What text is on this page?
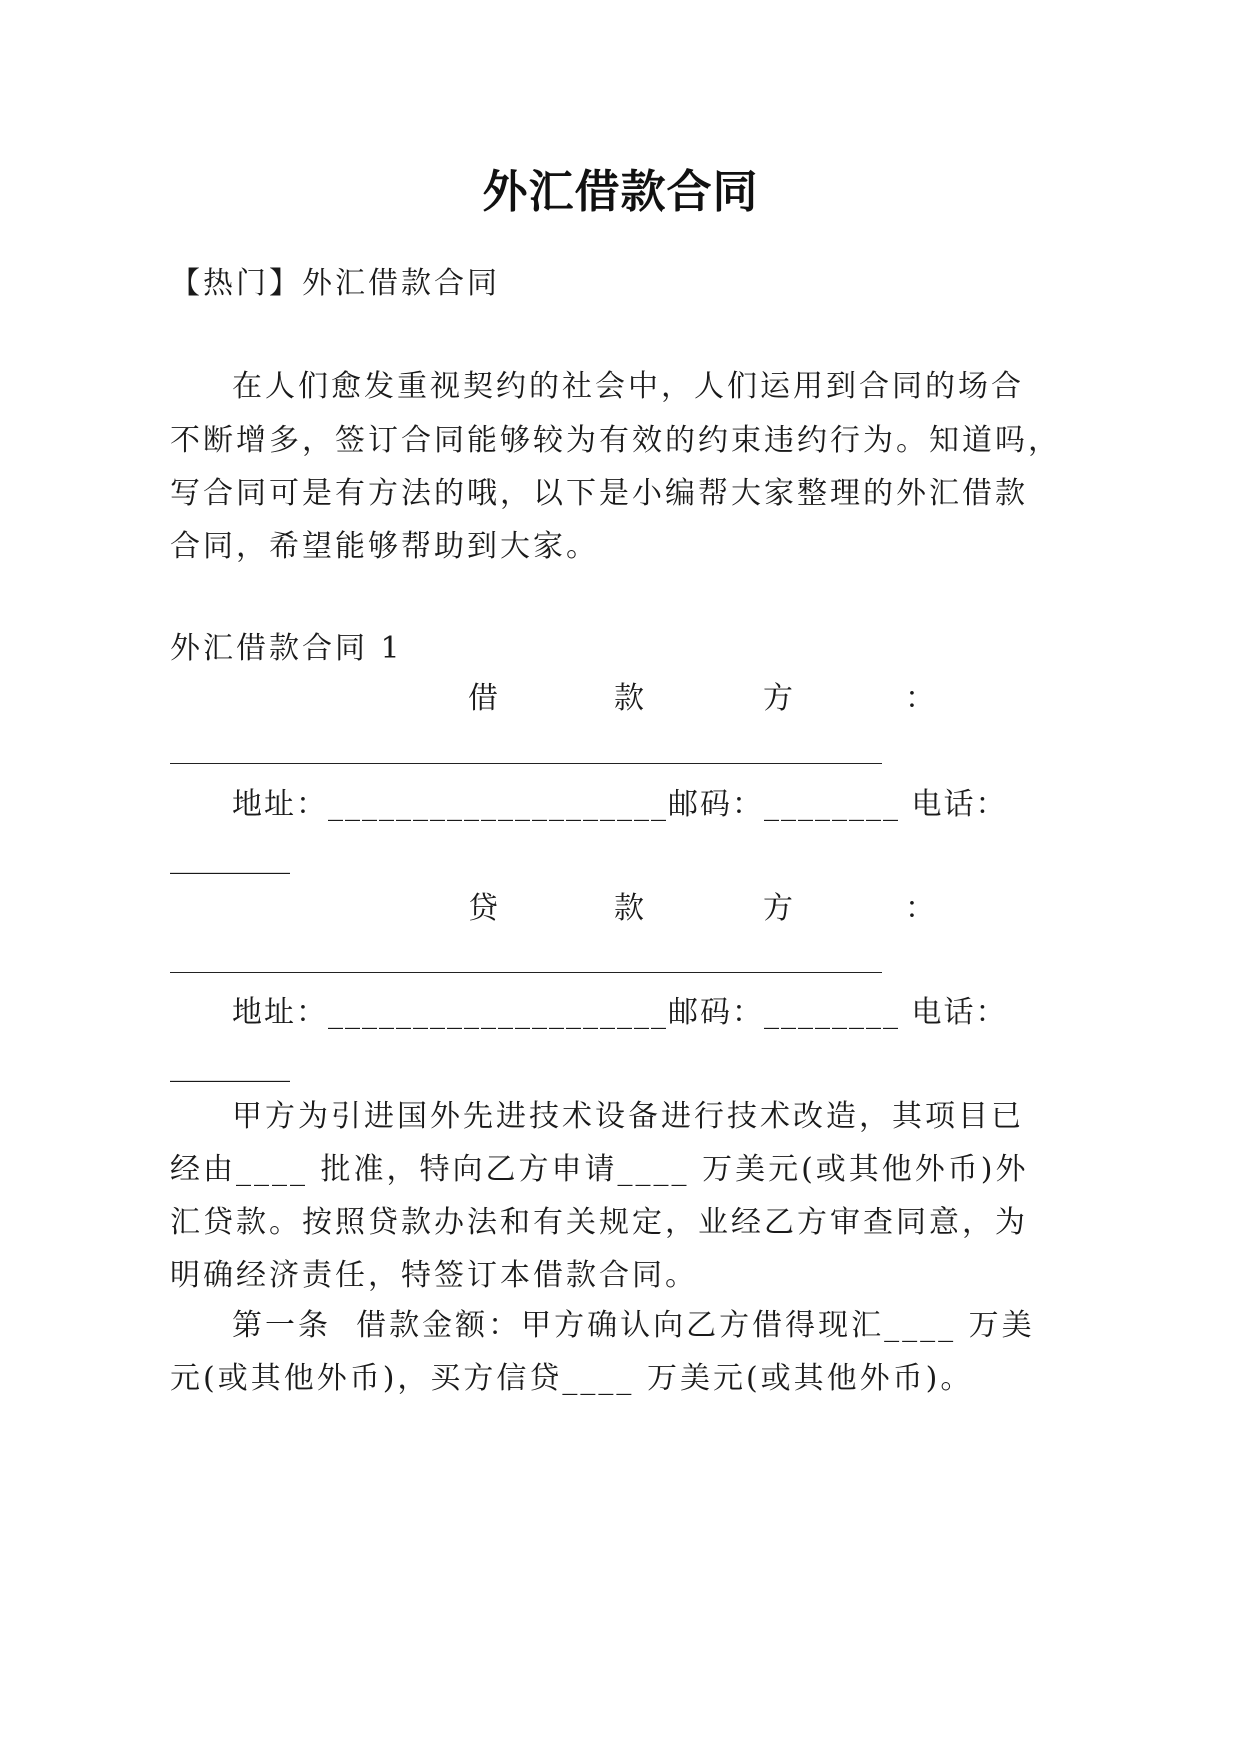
外汇借款合同
【热门】外汇借款合同
在人们愈发重视契约的社会中，人们运用到合同的场合
不断增多，签订合同能够较为有效的约束违约行为。知道吗，
写合同可是有方法的哦，以下是小编帮大家整理的外汇借款
合同，希望能够帮助到大家。
外汇借款合同 1
借	款	方	：
地址：____________________邮码：________ 电话：
________
贷	款	方	：
地址：____________________邮码：________ 电话：
________
甲方为引进国外先进技术设备进行技术改造，其项目已
经由____ 批准，特向乙方申请____ 万美元(或其他外币)外
汇贷款。按照贷款办法和有关规定，业经乙方审查同意，为
明确经济责任，特签订本借款合同。
第一条  借款金额：甲方确认向乙方借得现汇____ 万美
元(或其他外币)，买方信贷____ 万美元(或其他外币)。
